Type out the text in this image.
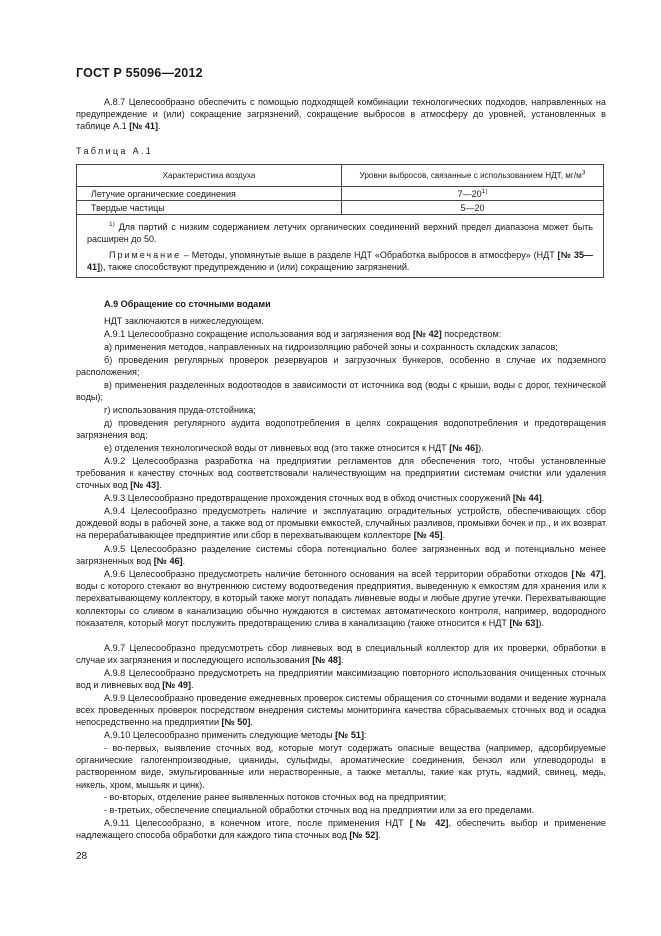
ГОСТ Р 55096—2012
А.8.7 Целесообразно обеспечить с помощью подходящей комбинации технологических подходов, направленных на предупреждение и (или) сокращение загрязнений, сокращение выбросов в атмосферу до уровней, установленных в таблице А.1 [№ 41].
Таблица А.1
Характеристика воздуха	Уровни выбросов, связанные с использованием НДТ, $мг/м^3$
Летучие органические соединения	7—20$^{1)}$
Твердые частицы	5—20

$^{1)}$ Для партий с низким содержанием летучих органических соединений верхний предел диапазона может быть расширен до 50.

Примечание – Методы, упомянутые выше в разделе НДТ «Обработка выбросов в атмосферу» (НДТ [№ 35—41]), также способствуют предупреждению и (или) сокращению загрязнений.	

А.9 Обращение со сточными водами
НДТ заключаются в нижеследующем.
А.9.1 Целесообразно сокращение использования вод и загрязнения вод [№ 42] посредством:
а) применения методов, направленных на гидроизоляцию рабочей зоны и сохранность складских запасов;
б) проведения регулярных проверок резервуаров и загрузочных бункеров, особенно в случае их подземного расположения;
в) применения разделенных водоотводов в зависимости от источника вод (воды с крыши, воды с дорог, технической воды);
г) использования пруда-отстойника;
д) проведения регулярного аудита водопотребления в целях сокращения водопотребления и предотвращения загрязнения вод;
е) отделения технологической воды от ливневых вод (это также относится к НДТ [№ 46]).
А.9.2 Целесообразна разработка на предприятии регламентов для обеспечения того, чтобы установленные требования к качеству сточных вод соответствовали наличествующим на предприятии системам очистки или удаления сточных вод [№ 43].
А.9.3 Целесообразно предотвращение прохождения сточных вод в обход очистных сооружений [№ 44].
А.9.4 Целесообразно предусмотреть наличие и эксплуатацию оградительных устройств, обеспечивающих сбор дождевой воды в рабочей зоне, а также вод от промывки емкостей, случайных разливов, промывки бочек и пр., и их возврат на перерабатывающее предприятие или сбор в перехватывающем коллекторе [№ 45].
А.9.5 Целесообразно разделение системы сбора потенциально более загрязненных вод и потенциально менее загрязненных вод [№ 46].
А.9.6 Целесообразно предусмотреть наличие бетонного основания на всей территории обработки отходов [№ 47], воды с которого стекают во внутреннюю систему водоотведения предприятия, выведенную к емкостям для хранения или к перехватывающему коллектору, в который также могут попадать ливневые воды и любые другие утечки. Перехватывающие коллекторы со сливом в канализацию обычно нуждаются в системах автоматического контроля, например, водородного показателя, который могут послужить предотвращению слива в канализацию (также относится к НДТ [№ 63]).
А.9.7 Целесообразно предусмотреть сбор ливневых вод в специальный коллектор для их проверки, обработки в случае их загрязнения и последующего использования [№ 48].
А.9.8 Целесообразно предусмотреть на предприятии максимизацию повторного использования очищенных сточных вод и ливневых вод [№ 49].
А.9.9 Целесообразно проведение ежедневных проверок системы обращения со сточными водами и ведение журнала всех проведенных проверок посредством внедрения системы мониторинга качества сбрасываемых сточных вод и осадка непосредственно на предприятии [№ 50].
А.9.10 Целесообразно применить следующие методы [№ 51]:
- во-первых, выявление сточных вод, которые могут содержать опасные вещества (например, адсорбируемые органические галогенпроизводные, цианиды, сульфиды, ароматические соединения, бензол или углеводороды в растворенном виде, эмульгированные или нерастворенные, а также металлы, такие как ртуть, кадмий, свинец, медь, никель, хром, мышьяк и цинк).
- во-вторых, отделение ранее выявленных потоков сточных вод на предприятии;
- в-третьих, обеспечение специальной обработки сточных вод на предприятии или за его пределами.
А.9.11 Целесообразно, в конечном итоге, после применения НДТ [№ 42], обеспечить выбор и применение надлежащего способа обработки для каждого типа сточных вод [№ 52].
28
